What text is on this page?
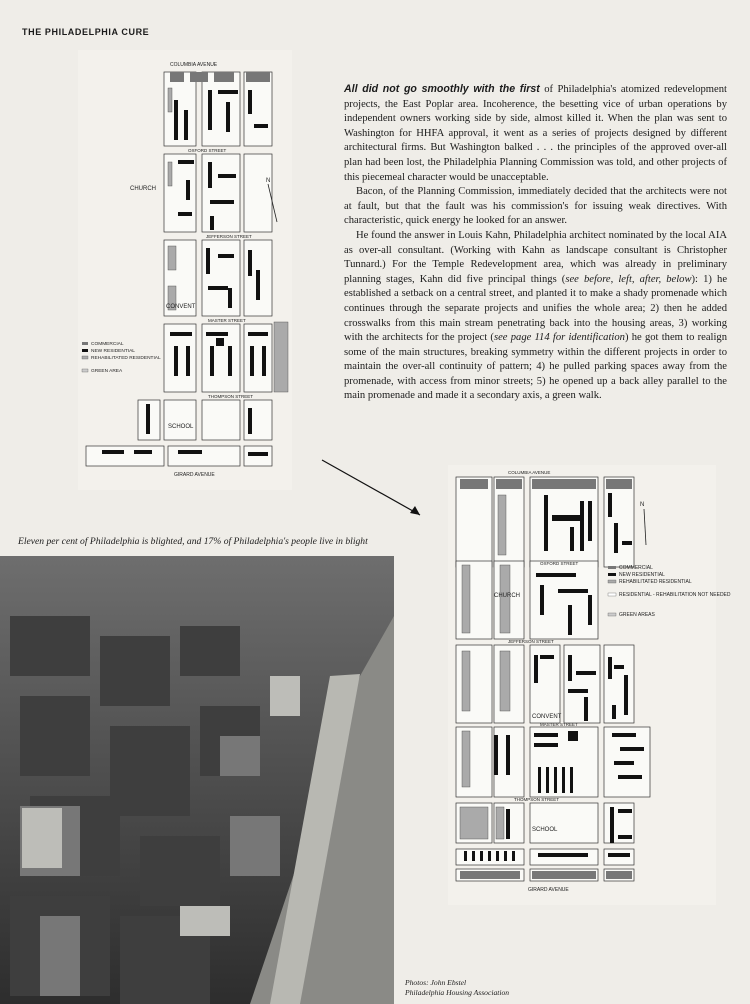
THE PHILADELPHIA CURE
COLUMBIA AVENUE
OXFORD STREET
JEFFERSON STREET
MASTER STREET
THOMPSON STREET
GIRARD AVENUE
CHURCH
CONVENT
SCHOOL
N
COMMERCIAL
NEW RESIDENTIAL
REHABILITATED RESIDENTIAL
GREEN AREA

All did not go smoothly with the first of Philadelphia's atomized redevelopment projects, the East Poplar area. Incoherence, the besetting vice of urban operations by independent owners working side by side, almost killed it. When the plan was sent to Washington for HHFA approval, it went as a series of projects designed by different architectural firms. But Washington balked . . . the principles of the approved over-all plan had been lost, the Philadelphia Planning Commission was told, and other projects of this piecemeal character would be unacceptable.

Bacon, of the Planning Commission, immediately decided that the architects were not at fault, but that the fault was his commission's for issuing weak directives. With characteristic, quick energy he looked for an answer.

He found the answer in Louis Kahn, Philadelphia architect nominated by the local AIA as over-all consultant. (Working with Kahn as landscape consultant is Christopher Tunnard.) For the Temple Redevelopment area, which was already in preliminary planning stages, Kahn did five principal things (see before, left, after, below): 1) he established a setback on a central street, and planted it to make a shady promenade which continues through the separate projects and unifies the whole area; 2) then he added crosswalks from this main stream penetrating back into the housing areas, 3) working with the architects for the project (see page 114 for identification) he got them to realign some of the main structures, breaking symmetry within the different projects in order to maintain the over-all continuity of pattern; 4) he pulled parking spaces away from the promenade, with access from minor streets; 5) he opened up a back alley parallel to the main promenade and made it a secondary axis, a green walk.

Eleven per cent of Philadelphia is blighted, and 17% of Philadelphia's people live in blight
COLUMBIA AVENUE
OXFORD STREET
JEFFERSON STREET
MASTER STREET
THOMPSON STREET
GIRARD AVENUE
CHURCH
CONVENT
SCHOOL
N
COMMERCIAL
NEW RESIDENTIAL
REHABILITATED RESIDENTIAL
RESIDENTIAL - REHABILITATION NOT NEEDED
GREEN AREAS
Photos: John Ebstel
Philadelphia Housing Association
